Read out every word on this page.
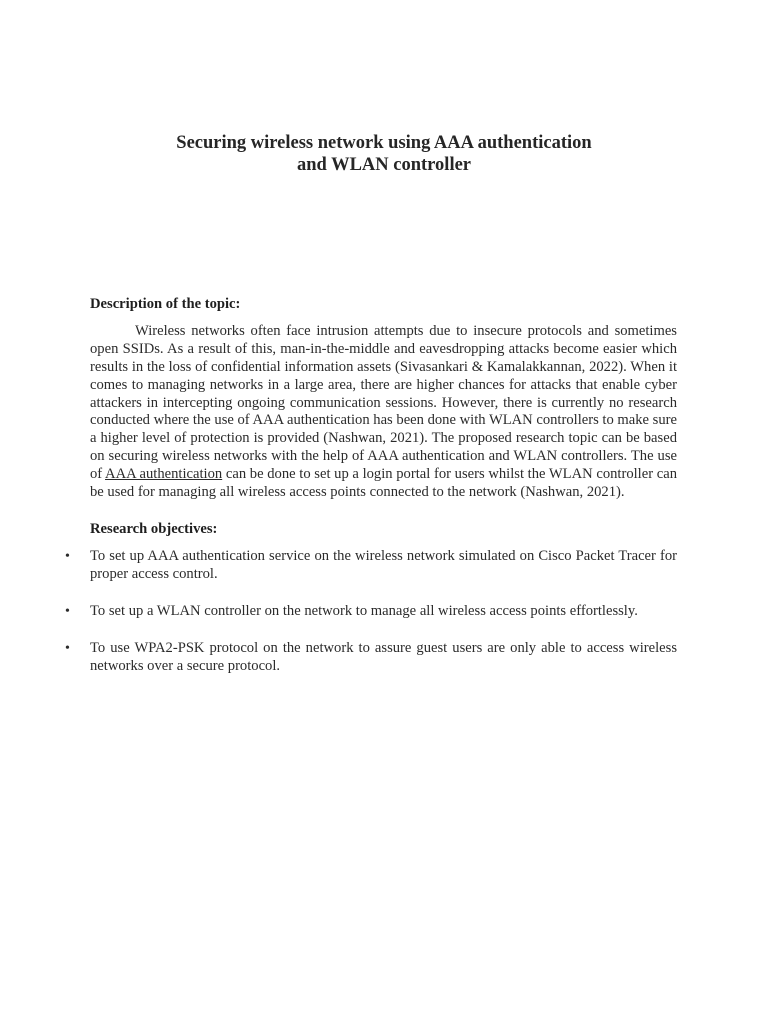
Securing wireless network using AAA authentication
and WLAN controller

Description of the topic:

Wireless networks often face intrusion attempts due to insecure protocols and sometimes open SSIDs. As a result of this, man-in-the-middle and eavesdropping attacks become easier which results in the loss of confidential information assets (Sivasankari & Kamalakkannan, 2022). When it comes to managing networks in a large area, there are higher chances for attacks that enable cyber attackers in intercepting ongoing communication sessions. However, there is currently no research conducted where the use of AAA authentication has been done with WLAN controllers to make sure a higher level of protection is provided (Nashwan, 2021). The proposed research topic can be based on securing wireless networks with the help of AAA authentication and WLAN controllers. The use of AAA authentication can be done to set up a login portal for users whilst the WLAN controller can be used for managing all wireless access points connected to the network (Nashwan, 2021).

Research objectives:

• To set up AAA authentication service on the wireless network simulated on Cisco Packet Tracer for proper access control.
• To set up a WLAN controller on the network to manage all wireless access points effortlessly.
• To use WPA2-PSK protocol on the network to assure guest users are only able to access wireless networks over a secure protocol.
